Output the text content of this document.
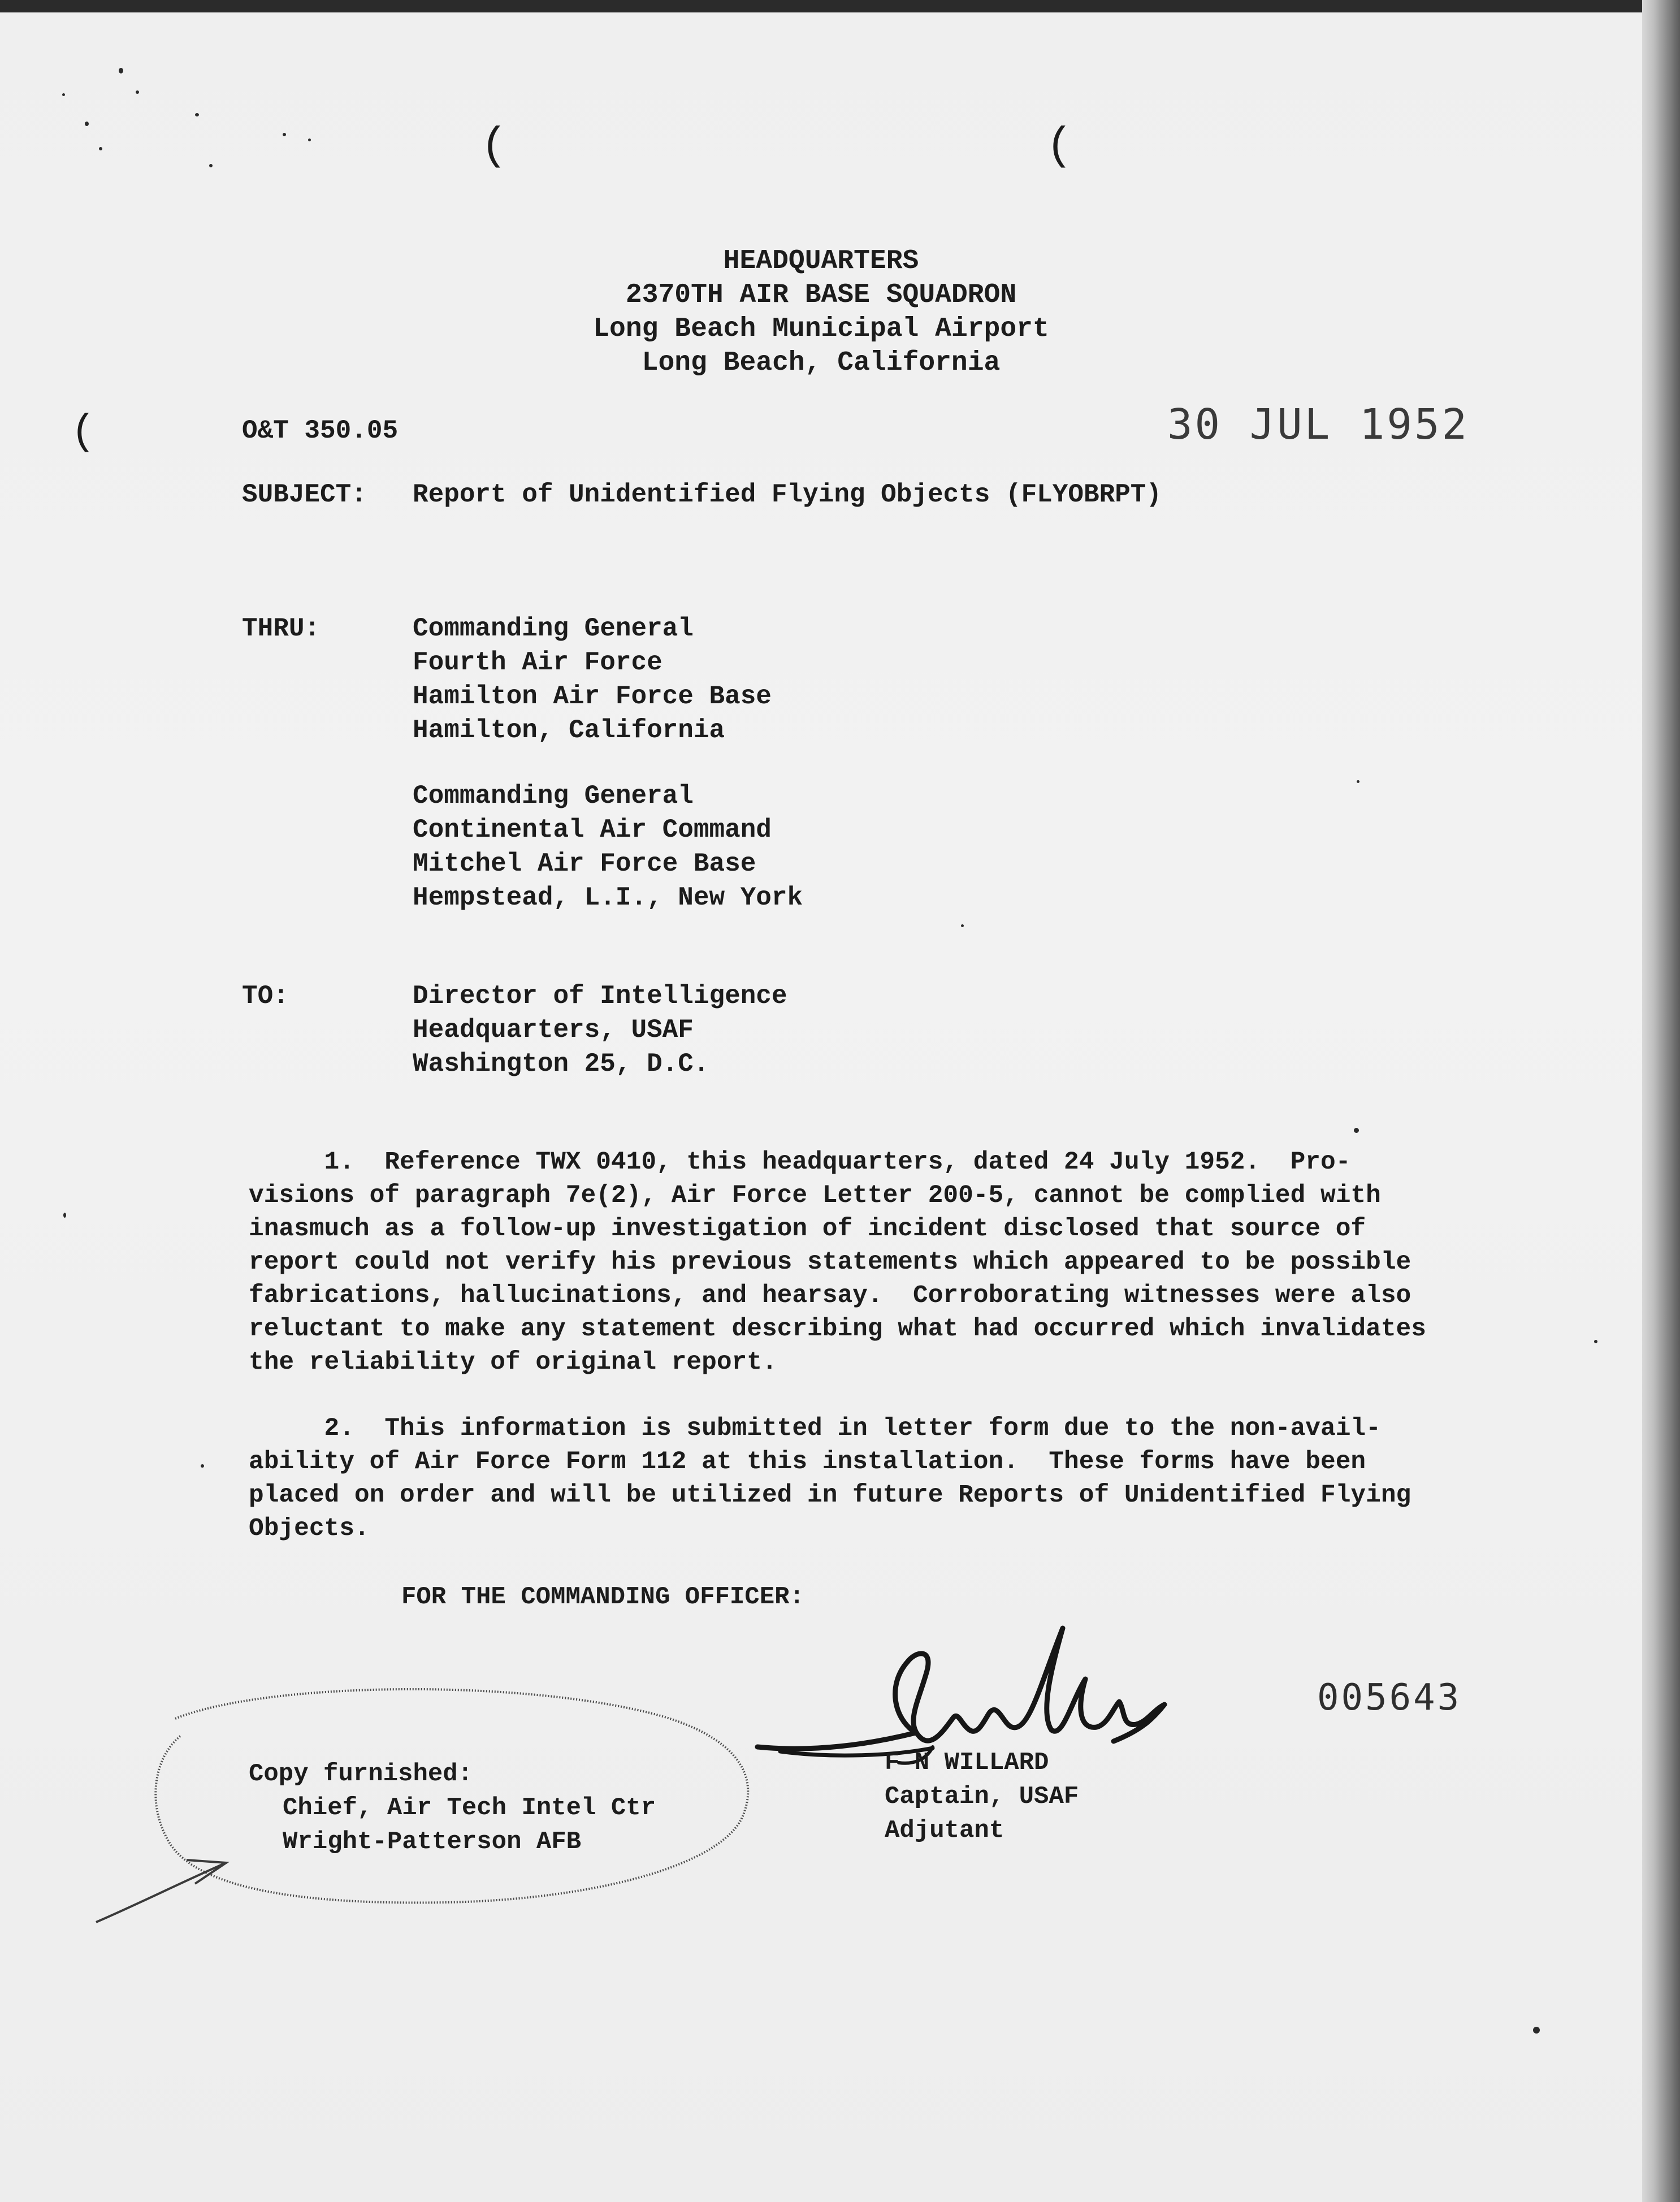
(	(
(
HEADQUARTERS
2370TH AIR BASE SQUADRON
Long Beach Municipal Airport
Long Beach, California
O&T 350.05	30 JUL 1952
SUBJECT: Report of Unidentified Flying Objects (FLYOBRPT)
THRU:	Commanding General
Fourth Air Force
Hamilton Air Force Base
Hamilton, California
Commanding General
Continental Air Command
Mitchel Air Force Base
Hempstead, L.I., New York
TO:	Director of Intelligence
Headquarters, USAF
Washington 25, D.C.
1.  Reference TWX 0410, this headquarters, dated 24 July 1952.  Pro-
visions of paragraph 7e(2), Air Force Letter 200-5, cannot be complied with
inasmuch as a follow-up investigation of incident disclosed that source of
report could not verify his previous statements which appeared to be possible
fabrications, hallucinations, and hearsay.  Corroborating witnesses were also
reluctant to make any statement describing what had occurred which invalidates
the reliability of original report.
2.  This information is submitted in letter form due to the non-avail-
ability of Air Force Form 112 at this installation.  These forms have been
placed on order and will be utilized in future Reports of Unidentified Flying
Objects.
FOR THE COMMANDING OFFICER:
F N WILLARD
Captain, USAF
Adjutant
005643
Copy furnished:
Chief, Air Tech Intel Ctr
Wright-Patterson AFB
